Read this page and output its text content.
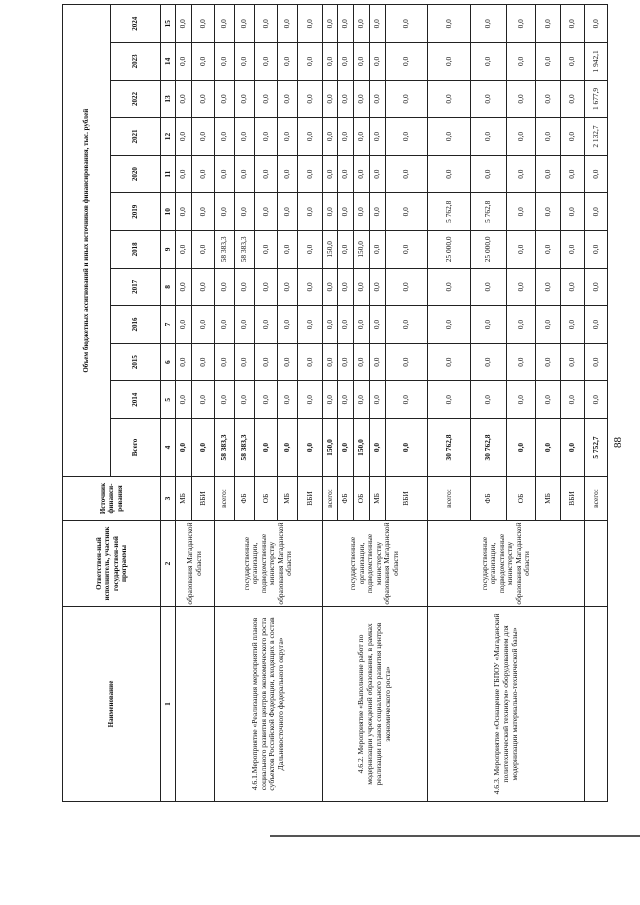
88
Наименование	Ответствен-ный исполнитель, участник государствен-ной программы	Источник финанси-рования	Объем бюджетных ассигнований и иных источников финансирования, тыс. рублей											
			Всего	2014	2015	2016	2017	2018	2019	2020	2021	2022	2023	2024
1	2	3	4	5	6	7	8	9	10	11	12	13	14	15
	образования Магаданской области	МБ	0,0	0,0	0,0	0,0	0,0	0,0	0,0	0,0	0,0	0,0	0,0	0,0
		ВБИ	0,0	0,0	0,0	0,0	0,0	0,0	0,0	0,0	0,0	0,0	0,0	0,0
4.6.1.Мероприятие «Реализация мероприятий планов социального развития центров экономического роста субъектов Российской Федерации, входящих в состав Дальневосточного федерального округа»	государственные организации, подведомственные министерству образования Магаданской области	всего:	58 383,3	0,0	0,0	0,0	0,0	58 383,3	0,0	0,0	0,0	0,0	0,0	0,0
		ФБ	58 383,3	0,0	0,0	0,0	0,0	58 383,3	0,0	0,0	0,0	0,0	0,0	0,0
		ОБ	0,0	0,0	0,0	0,0	0,0	0,0	0,0	0,0	0,0	0,0	0,0	0,0
		МБ	0,0	0,0	0,0	0,0	0,0	0,0	0,0	0,0	0,0	0,0	0,0	0,0
		ВБИ	0,0	0,0	0,0	0,0	0,0	0,0	0,0	0,0	0,0	0,0	0,0	0,0
4.6.2. Мероприятие «Выполнение работ по модернизации учреждений образования, в рамках реализации планов социального развития центров экономического роста»	государственные организации, подведомственные министерству образования Магаданской области	всего:	150,0	0,0	0,0	0,0	0,0	150,0	0,0	0,0	0,0	0,0	0,0	0,0
		ФБ	0,0	0,0	0,0	0,0	0,0	0,0	0,0	0,0	0,0	0,0	0,0	0,0
		ОБ	150,0	0,0	0,0	0,0	0,0	150,0	0,0	0,0	0,0	0,0	0,0	0,0
		МБ	0,0	0,0	0,0	0,0	0,0	0,0	0,0	0,0	0,0	0,0	0,0	0,0
		ВБИ	0,0	0,0	0,0	0,0	0,0	0,0	0,0	0,0	0,0	0,0	0,0	0,0
4.6.3. Мероприятие «Оснащение ГБПОУ «Магаданский политехнический техникум» оборудованием для модернизации материально-технической базы»	государственные организации, подведомственные министерству образования Магаданской области	всего:	30 762,8	0,0	0,0	0,0	0,0	25 000,0	5 762,8	0,0	0,0	0,0	0,0	0,0
		ФБ	30 762,8	0,0	0,0	0,0	0,0	25 000,0	5 762,8	0,0	0,0	0,0	0,0	0,0
		ОБ	0,0	0,0	0,0	0,0	0,0	0,0	0,0	0,0	0,0	0,0	0,0	0,0
		МБ	0,0	0,0	0,0	0,0	0,0	0,0	0,0	0,0	0,0	0,0	0,0	0,0
		ВБИ	0,0	0,0	0,0	0,0	0,0	0,0	0,0	0,0	0,0	0,0	0,0	0,0
		всего:	5 752,7	0,0	0,0	0,0	0,0	0,0	0,0	0,0	2 132,7	1 677,9	1 942,1	0,0
